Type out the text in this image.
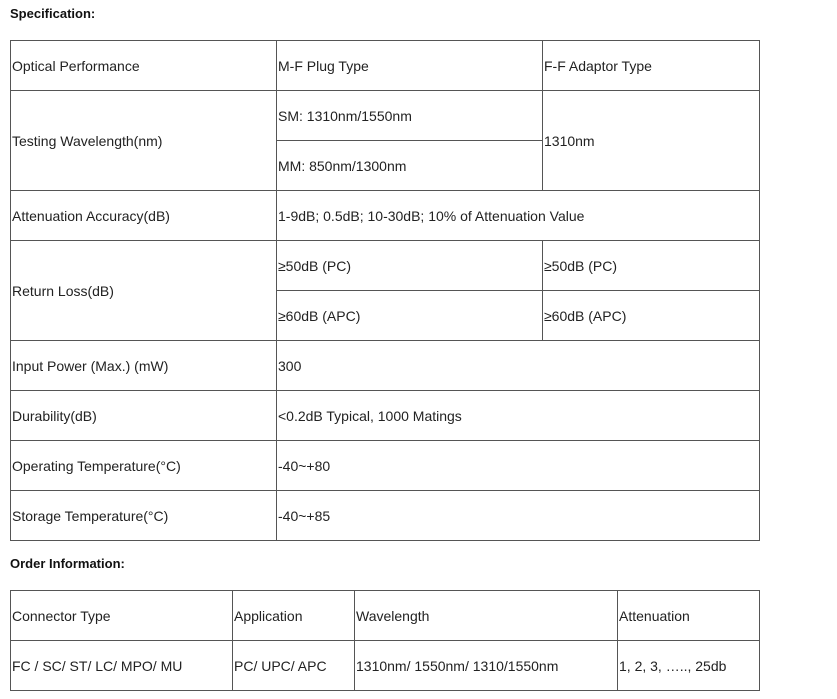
Specification:
Optical Performance	M-F Plug Type	F-F Adaptor Type
Testing Wavelength(nm)	SM: 1310nm/1550nm	1310nm
	MM: 850nm/1300nm	
Attenuation Accuracy(dB)	1-9dB; 0.5dB; 10-30dB; 10% of Attenuation Value	
Return Loss(dB)	≥50dB (PC)	≥50dB (PC)
	≥60dB (APC)	≥60dB (APC)
Input Power (Max.) (mW)	300	
Durability(dB)	<0.2dB Typical, 1000 Matings	
Operating Temperature(°C)	-40~+80	
Storage Temperature(°C)	-40~+85	
Order Information:
Connector Type	Application	Wavelength	Attenuation
FC / SC/ ST/ LC/ MPO/ MU	PC/ UPC/ APC	1310nm/ 1550nm/ 1310/1550nm	1, 2, 3, ….., 25db
